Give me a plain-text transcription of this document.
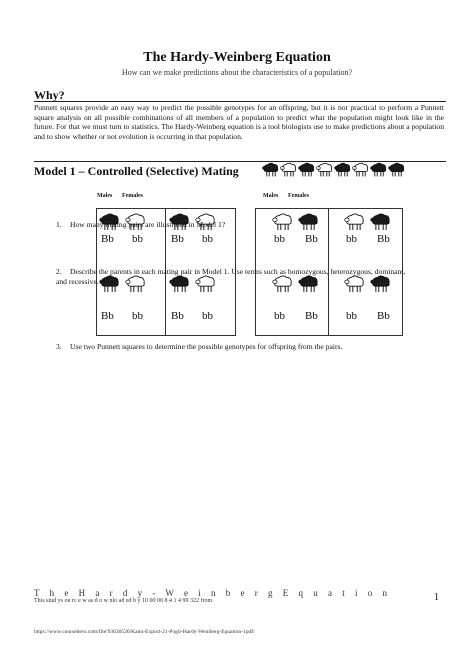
The Hardy-Weinberg Equation
How can we make predictions about the characteristics of a population?
Why?
Punnett squares provide an easy way to predict the possible genotypes for an offspring, but it is not practical to perform a Punnett square analysis on all possible combinations of all members of a population to predict what the population might look like in the future. For that we must turn to statistics. The Hardy-Weinberg equation is a tool biologists use to make predictions about a population and to show whether or not evolution is occurring in that population.
Model 1 – Controlled (Selective) Mating
Males Females	Males Females
Bb bb	Bb bb
Bb bb	Bb bb
bb Bb	bb Bb
bb Bb	bb Bb
1. How many mating pairs are illustrated in Model 1?
2. Describe the parents in each mating pair in Model 1. Use terms such as homozygous, heterozygous, dominant, and recessive.
3. Use two Punnett squares to determine the possible genotypes for offspring from the pairs.
T h e H a r d y - W e i n b e r g E q u a t i o n
This stud ys ou rc e w as d o w nlo ad ed b y 10 00 00 8 4 1 4 99 322 from	1
https://www.coursehero.com/file/93630526/Kami-Export-21-Pogil-Hardy-Weinberg-Equation-1pdf/
